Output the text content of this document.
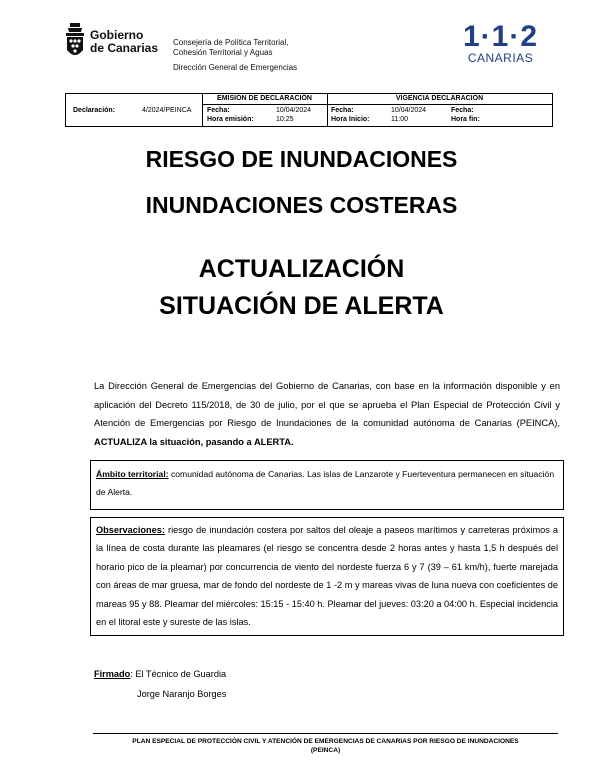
Gobierno
de Canarias Consejería de Política Territorial,
Cohesión Territorial y Aguas
Dirección General de Emergencias
1·1·2
CANARIAS
Declaración:	4/2024/PEINCA
EMISIÓN DE DECLARACIÓN
Fecha:	10/04/2024
Hora emisión:	10:25
VIGENCIA DECLARACIÓN
Fecha:	10/04/2024
Hora Inicio:	11:00
Fecha:
Hora fin:
RIESGO DE INUNDACIONES
INUNDACIONES COSTERAS
ACTUALIZACIÓN
SITUACIÓN DE ALERTA
La Dirección General de Emergencias del Gobierno de Canarias, con base en la información disponible y en aplicación del Decreto 115/2018, de 30 de julio, por el que se aprueba el Plan Especial de Protección Civil y Atención de Emergencias por Riesgo de Inundaciones de la comunidad autónoma de Canarias (PEINCA), ACTUALIZA la situación, pasando a ALERTA.
Ámbito territorial: comunidad autónoma de Canarias. Las islas de Lanzarote y Fuerteventura permanecen en situación de Alerta.
Observaciones: riesgo de inundación costera por saltos del oleaje a paseos marítimos y carreteras próximos a la línea de costa durante las pleamares (el riesgo se concentra desde 2 horas antes y hasta 1,5 h después del horario pico de la pleamar) por concurrencia de viento del nordeste fuerza 6 y 7 (39 – 61 km/h), fuerte marejada con áreas de mar gruesa, mar de fondo del nordeste de 1 -2 m y mareas vivas de luna nueva con coeficientes de mareas 95 y 88. Pleamar del miércoles: 15:15 - 15:40 h. Pleamar del jueves: 03:20 a 04:00 h. Especial incidencia en el litoral este y sureste de las islas.
Firmado: El Técnico de Guardia
Jorge Naranjo Borges
PLAN ESPECIAL DE PROTECCIÓN CIVIL Y ATENCIÓN DE EMERGENCIAS DE CANARIAS POR RIESGO DE INUNDACIONES
(PEINCA)
